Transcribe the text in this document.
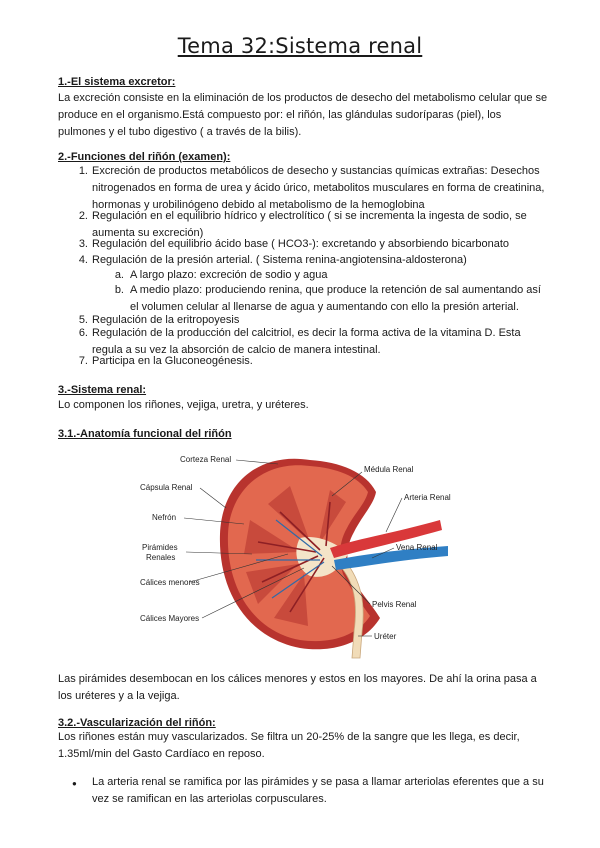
Tema 32:Sistema renal
1.-El sistema excretor:
La excreción consiste en la eliminación de los productos de desecho del metabolismo celular que se
produce en el organismo.Está compuesto por: el riñón, las glándulas sudoríparas (piel), los
pulmones y el tubo digestivo ( a través de la bilis).
2.-Funciones del riñón (examen):
1. Excreción de productos metabólicos de desecho y sustancias químicas extrañas: Desechos
nitrogenados en forma de urea y ácido úrico, metabolitos musculares en forma de creatinina,
hormonas y urobilinógeno debido al metabolismo de la hemoglobina
2. Regulación en el equilibrio hídrico y electrolítico ( si se incrementa la ingesta de sodio, se
aumenta su excreción)
3. Regulación del equilibrio ácido base ( HCO3-): excretando y absorbiendo bicarbonato
4. Regulación de la presión arterial. ( Sistema renina-angiotensina-aldosterona)
a. A largo plazo: excreción de sodio y agua
b. A medio plazo: produciendo renina, que produce la retención de sal aumentando así
el volumen celular al llenarse de agua y aumentando con ello la presión arterial.
5. Regulación de la eritropoyesis
6. Regulación de la producción del calcitriol, es decir la forma activa de la vitamina D. Esta
regula a su vez la absorción de calcio de manera intestinal.
7. Participa en la Gluconeogénesis.
3.-Sistema renal:
Lo componen los riñones, vejiga, uretra, y uréteres.
3.1.-Anatomía funcional del riñón
Corteza Renal
Cápsula Renal
Nefrón
Pirámides
Renales
Cálices menores
Cálices Mayores
Médula Renal
Arteria Renal
Vena Renal
Pelvis Renal
Uréter
Las pirámides desembocan en los cálices menores y estos en los mayores. De ahí la orina pasa a
los uréteres y a la vejiga.
3.2.-Vascularización del riñón:
Los riñones están muy vascularizados. Se filtra un 20-25% de la sangre que les llega, es decir,
1.35ml/min del Gasto Cardíaco en reposo.
● La arteria renal se ramifica por las pirámides y se pasa a llamar arteriolas eferentes que a su
vez se ramifican en las arteriolas corpusculares.
